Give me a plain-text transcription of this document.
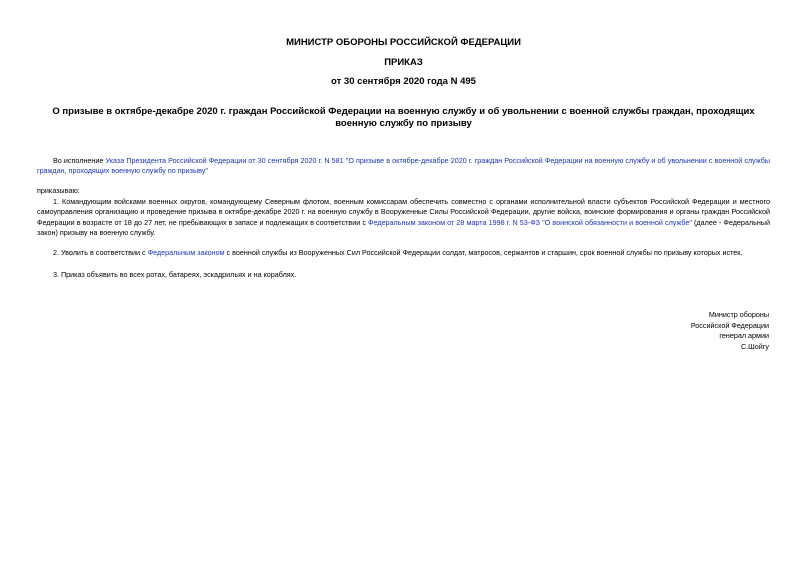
МИНИСТР ОБОРОНЫ РОССИЙСКОЙ ФЕДЕРАЦИИ
ПРИКАЗ
от 30 сентября 2020 года N 495
О призыве в октябре-декабре 2020 г. граждан Российской Федерации на военную службу и об увольнении с военной службы граждан, проходящих военную службу по призыву
Во исполнение Указа Президента Российской Федерации от 30 сентября 2020 г. N 581 "О призыве в октябре-декабре 2020 г. граждан Российской Федерации на военную службу и об увольнении с военной службы граждан, проходящих военную службу по призыву"
приказываю:
1. Командующим войсками военных округов, командующему Северным флотом, военным комиссарам обеспечить совместно с органами исполнительной власти субъектов Российской Федерации и местного самоуправления организацию и проведение призыва в октябре-декабре 2020 г. на военную службу в Вооруженные Силы Российской Федерации, другие войска, воинские формирования и органы граждан Российской Федерации в возрасте от 18 до 27 лет, не пребывающих в запасе и подлежащих в соответствии с Федеральным законом от 28 марта 1998 г. N 53-ФЗ "О воинской обязанности и военной службе" (далее - Федеральный закон) призыву на военную службу.
2. Уволить в соответствии с Федеральным законом с военной службы из Вооруженных Сил Российской Федерации солдат, матросов, сержантов и старшин, срок военной службы по призыву которых истек.
3. Приказ объявить во всех ротах, батареях, эскадрильях и на кораблях.
Министр обороны
Российской Федерации
генерал армии
С.Шойгу
